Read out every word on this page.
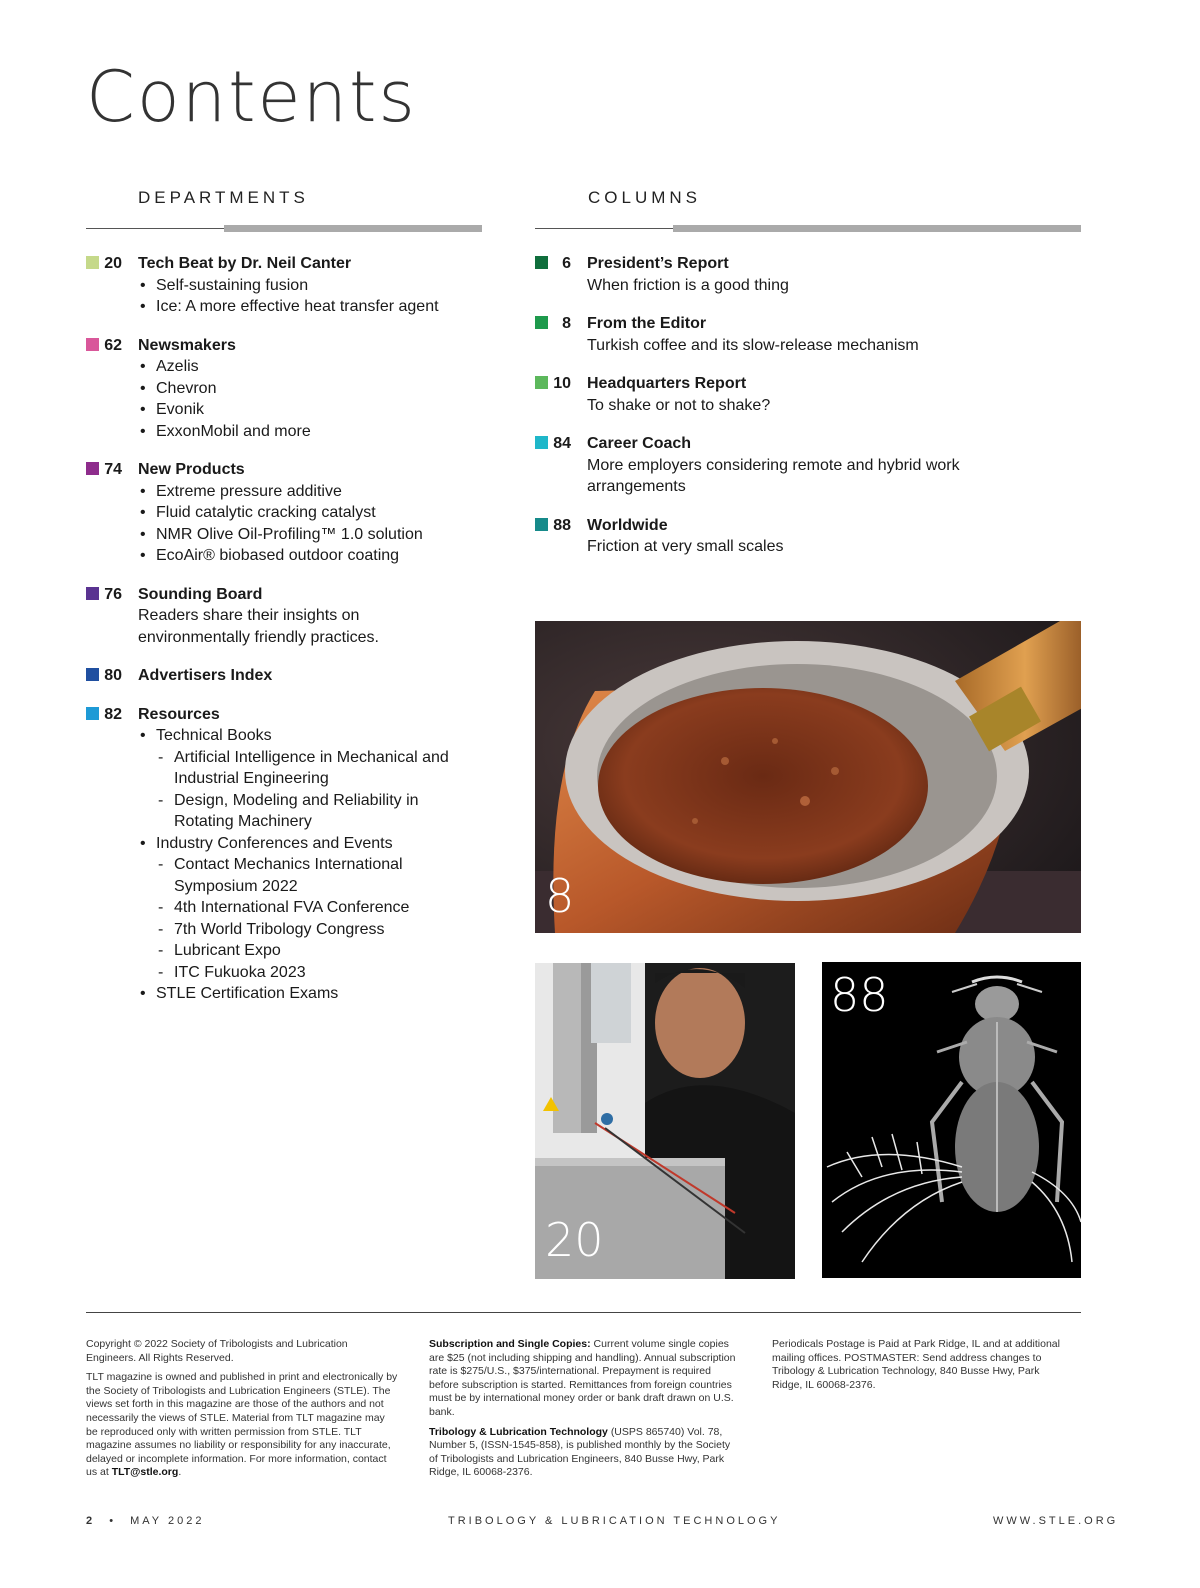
Contents
DEPARTMENTS	COLUMNS
20 Tech Beat by Dr. Neil Canter
• Self-sustaining fusion
• Ice: A more effective heat transfer agent
62 Newsmakers
• Azelis
• Chevron
• Evonik
• ExxonMobil and more
74 New Products
• Extreme pressure additive
• Fluid catalytic cracking catalyst
• NMR Olive Oil-Profiling™ 1.0 solution
• EcoAir® biobased outdoor coating
76 Sounding Board
Readers share their insights on
environmentally friendly practices.
80 Advertisers Index
82 Resources
• Technical Books
- Artificial Intelligence in Mechanical and
Industrial Engineering
- Design, Modeling and Reliability in
Rotating Machinery
• Industry Conferences and Events
- Contact Mechanics International
Symposium 2022
- 4th International FVA Conference
- 7th World Tribology Congress
- Lubricant Expo
- ITC Fukuoka 2023
• STLE Certification Exams
6 President’s Report
When friction is a good thing
8 From the Editor
Turkish coffee and its slow-release mechanism
10 Headquarters Report
To shake or not to shake?
84 Career Coach
More employers considering remote and hybrid work
arrangements
88 Worldwide
Friction at very small scales
8
20
88

Copyright © 2022 Society of Tribologists and Lubrication Engineers. All Rights Reserved.

TLT magazine is owned and published in print and electronically by the Society of Tribologists and Lubrication Engineers (STLE). The views set forth in this magazine are those of the authors and not necessarily the views of STLE. Material from TLT magazine may be reproduced only with written permission from STLE. TLT magazine assumes no liability or responsibility for any inaccurate, delayed or incomplete information. For more information, contact us at TLT@stle.org.

Subscription and Single Copies: Current volume single copies are $25 (not including shipping and handling). Annual subscription rate is $275/U.S., $375/international. Prepayment is required before subscription is started. Remittances from foreign countries must be by international money order or bank draft drawn on U.S. bank.

Tribology & Lubrication Technology (USPS 865740) Vol. 78, Number 5, (ISSN-1545-858), is published monthly by the Society of Tribologists and Lubrication Engineers, 840 Busse Hwy, Park Ridge, IL 60068-2376.

Periodicals Postage is Paid at Park Ridge, IL and at additional mailing offices. POSTMASTER: Send address changes to Tribology & Lubrication Technology, 840 Busse Hwy, Park Ridge, IL 60068-2376.

2 • MAY 2022	TRIBOLOGY & LUBRICATION TECHNOLOGY	WWW.STLE.ORG
